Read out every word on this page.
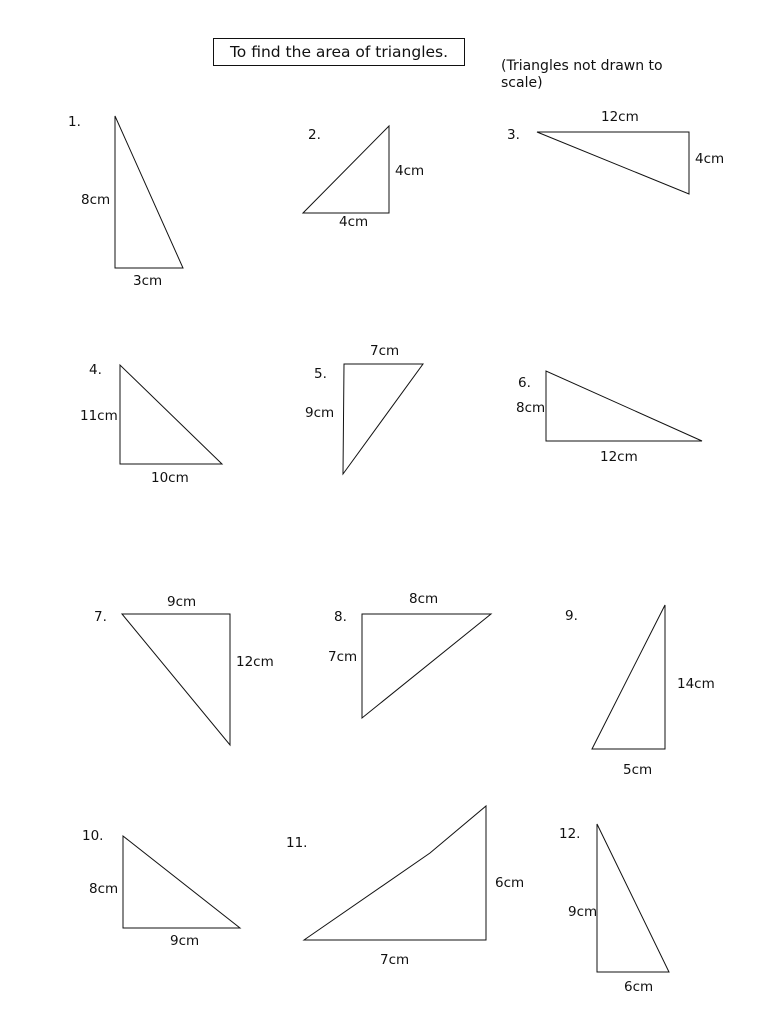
To find the area of triangles.
(Triangles not drawn to scale)
1.
8cm
3cm
2.
4cm
4cm
3.
12cm
4cm
4.
11cm
10cm
5.
7cm
9cm
6.
8cm
12cm
7.
9cm
12cm
8.
8cm
7cm
9.
14cm
5cm
10.
8cm
9cm
11.
6cm
7cm
12.
9cm
6cm
